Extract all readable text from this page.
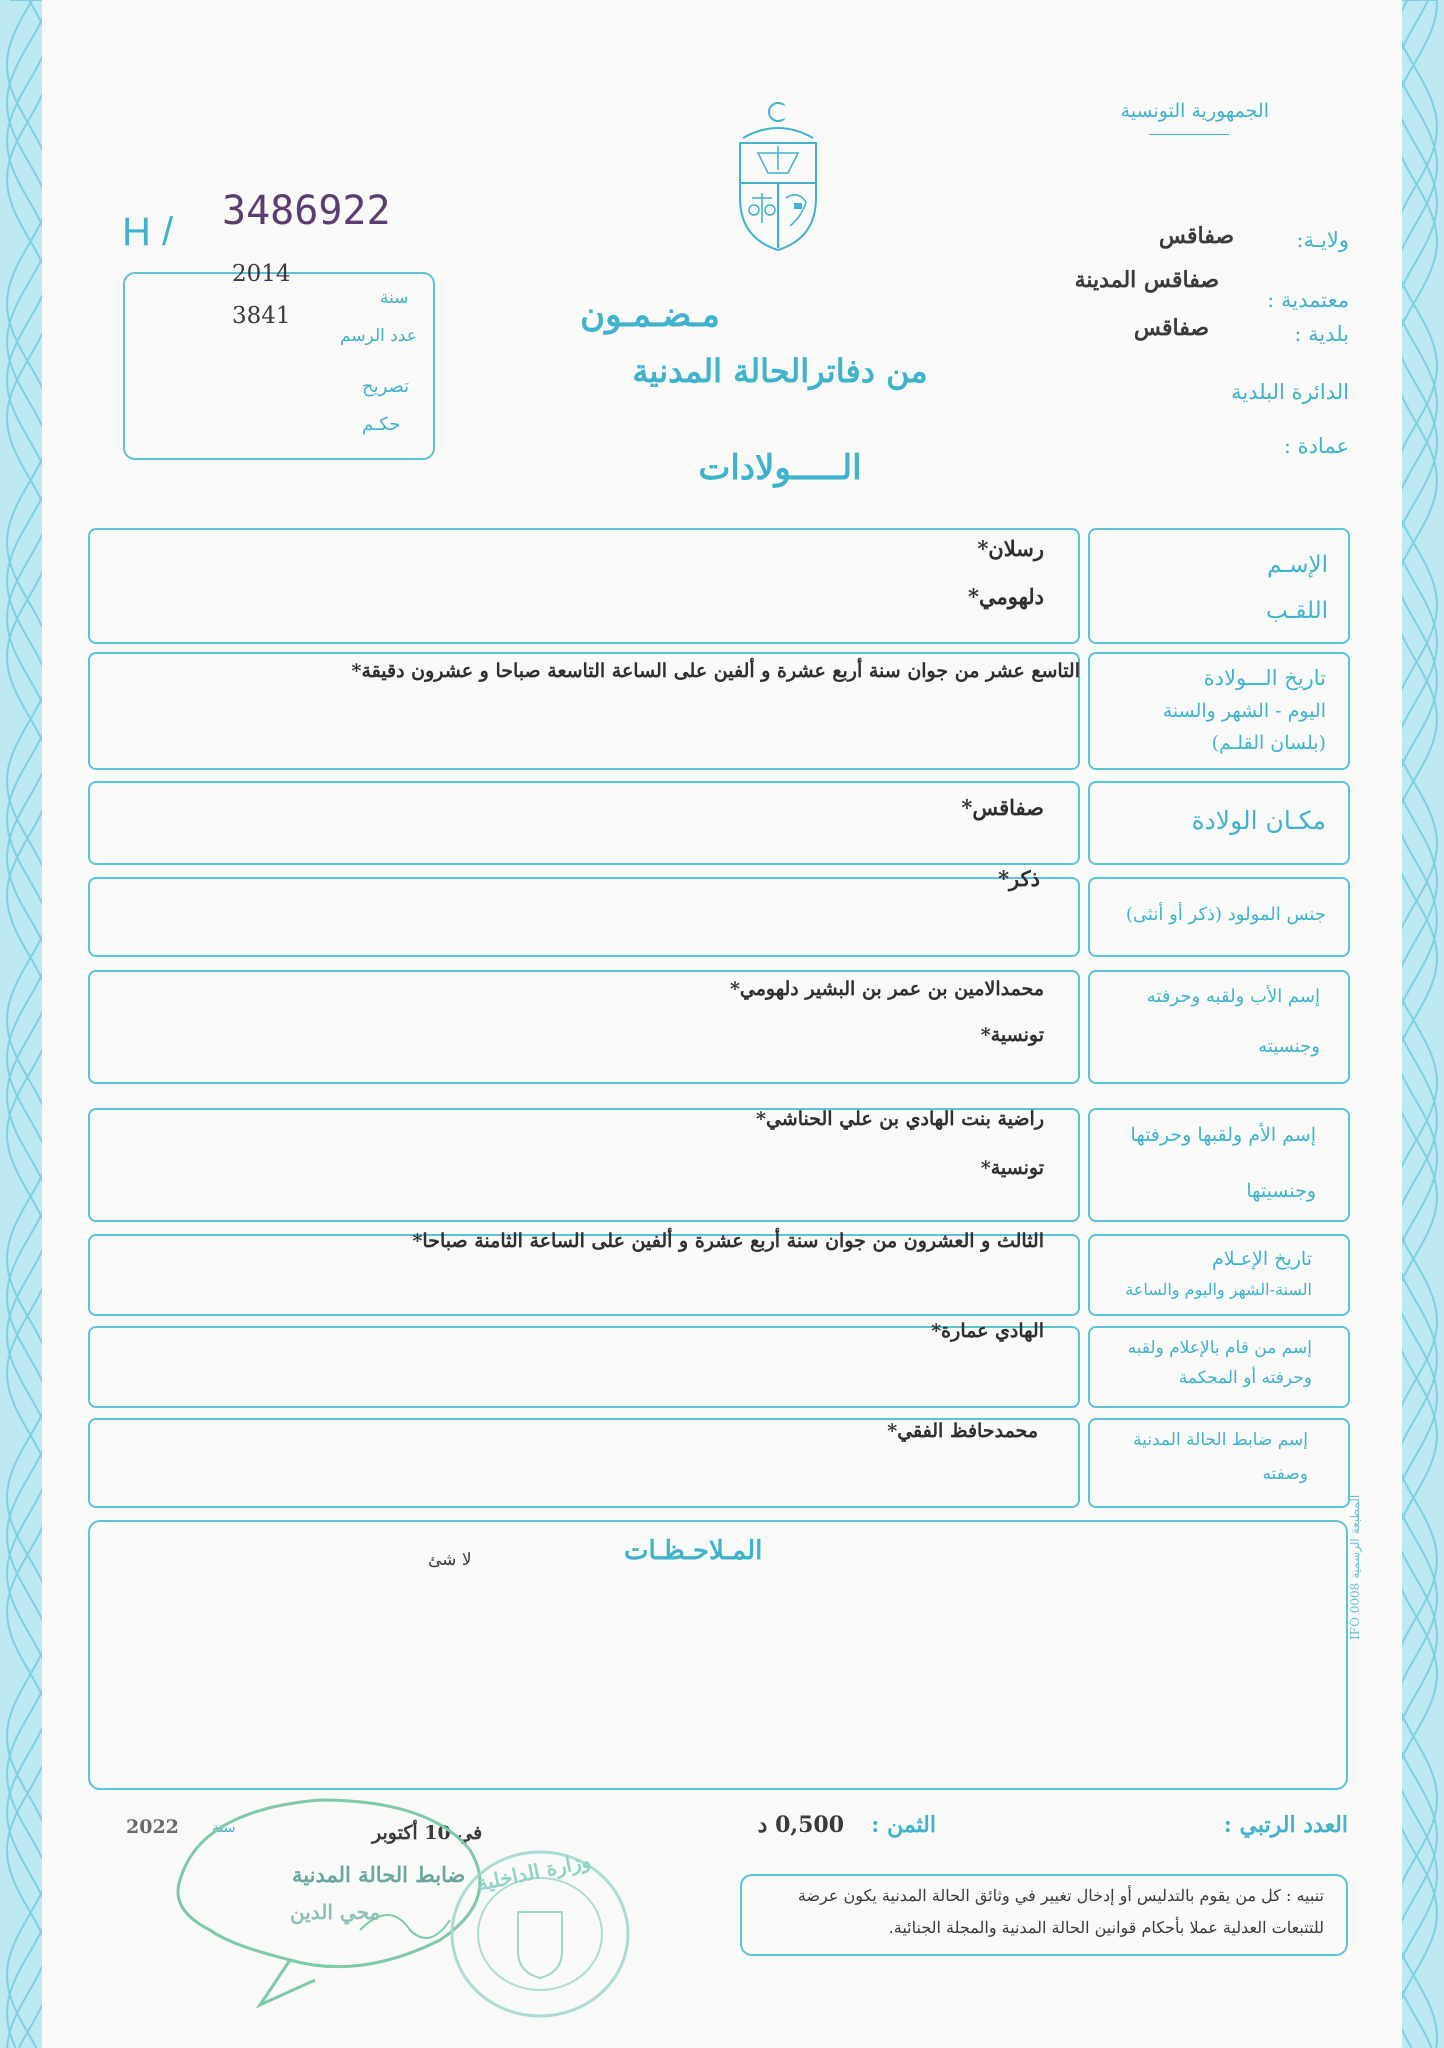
الجمهورية التونسية
ولايـة:
صفاقس
معتمدية :
صفاقس المدينة
بلدية :
صفاقس
الدائرة البلدية
عمادة :
مـضـمـون
من دفاترالحالة المدنية
الـــــولادات
H / 3486922
سنة
2014
عدد الرسم
3841
تصريح
حكـم
الإسـم
اللقـب
رسلان*
دلهومي*
تاريخ الـــولادة
اليوم - الشهر والسنة
(بلسان القلـم)
التاسع عشر من جوان سنة أربع عشرة و ألفين على الساعة التاسعة صباحا و عشرون دقيقة*
مكـان الولادة
صفاقس*
جنس المولود (ذكر أو أنثى)
ذكر*
إسم الأب ولقبه وحرفته
وجنسيته
محمدالامين بن عمر بن البشير دلهومي*
تونسية*
إسم الأم ولقبها وحرفتها
وجنسيتها
راضية بنت الهادي بن علي الحناشي*
تونسية*
تاريخ الإعـلام
السنة-الشهر واليوم والساعة
الثالث و العشرون من جوان سنة أربع عشرة و ألفين على الساعة الثامنة صباحا*
إسم من قام بالإعلام ولقبه
وحرفته أو المحكمة
الهادي عمارة*
إسم ضابط الحالة المدنية
وصفته
محمدحافظ الفقي*
المـلاحـظـات
لا شئ
المطبعة الرسمية 0008 IFO
العدد الرتبي :
الثمن :
0,500 د
في 10 أكتوبر
سنة
2022
ضابط الحالة المدنية
محي الدين
وزارة الداخلية	تنبيه : كل من يقوم بالتدليس أو إدخال تغيير في وثائق الحالة المدنية يكون عرضة
للتتبعات العدلية عملا بأحكام قوانين الحالة المدنية والمجلة الجنائية.
